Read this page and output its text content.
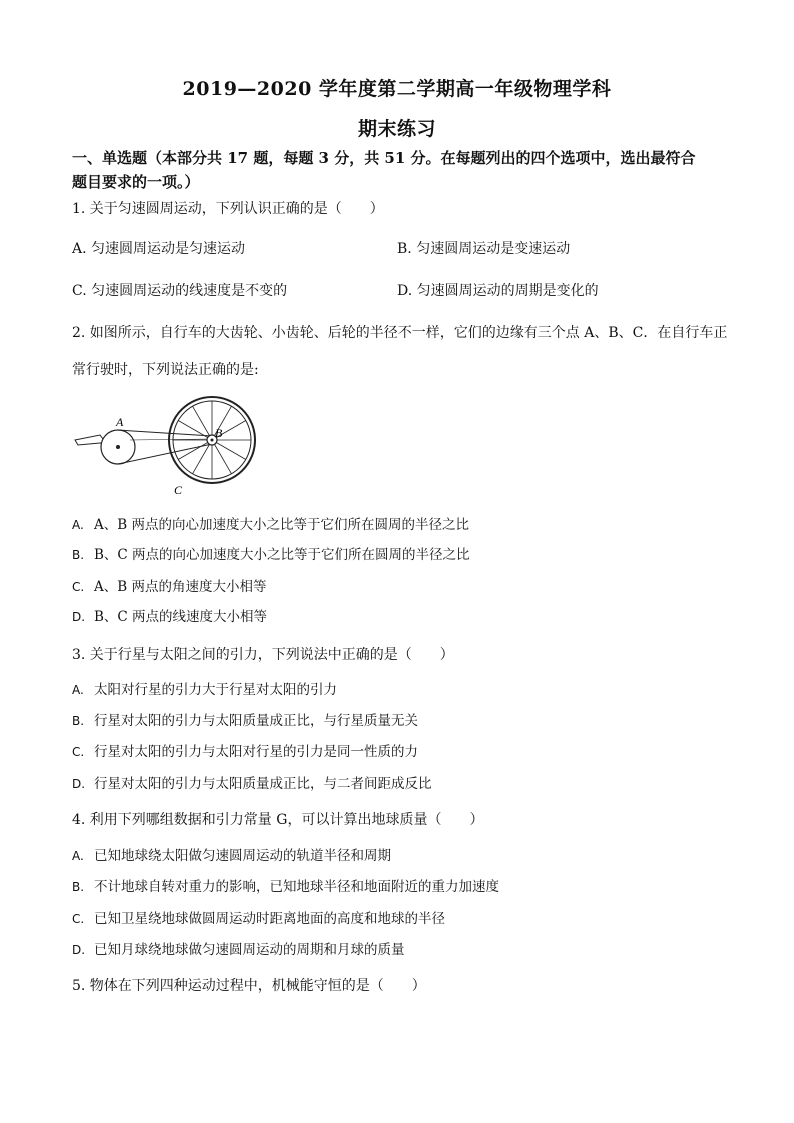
2019—2020 学年度第二学期高一年级物理学科
期末练习
一、单选题（本部分共 17 题，每题 3 分，共 51 分。在每题列出的四个选项中，选出最符合
题目要求的一项。）
1. 关于匀速圆周运动，下列认识正确的是（　　）
A. 匀速圆周运动是匀速运动	B. 匀速圆周运动是变速运动
C. 匀速圆周运动的线速度是不变的	D. 匀速圆周运动的周期是变化的
2. 如图所示，自行车的大齿轮、小齿轮、后轮的半径不一样，它们的边缘有三个点 A、B、C．在自行车正
常行驶时，下列说法正确的是:
A
B
C
A. A、B 两点的向心加速度大小之比等于它们所在圆周的半径之比
B. B、C 两点的向心加速度大小之比等于它们所在圆周的半径之比
C. A、B 两点的角速度大小相等
D. B、C 两点的线速度大小相等
3. 关于行星与太阳之间的引力，下列说法中正确的是（　　）
A. 太阳对行星的引力大于行星对太阳的引力
B. 行星对太阳的引力与太阳质量成正比，与行星质量无关
C. 行星对太阳的引力与太阳对行星的引力是同一性质的力
D. 行星对太阳的引力与太阳质量成正比，与二者间距成反比
4. 利用下列哪组数据和引力常量 G，可以计算出地球质量（　　）
A. 已知地球绕太阳做匀速圆周运动的轨道半径和周期
B. 不计地球自转对重力的影响，已知地球半径和地面附近的重力加速度
C. 已知卫星绕地球做圆周运动时距离地面的高度和地球的半径
D. 已知月球绕地球做匀速圆周运动的周期和月球的质量
5. 物体在下列四种运动过程中，机械能守恒的是（　　）
